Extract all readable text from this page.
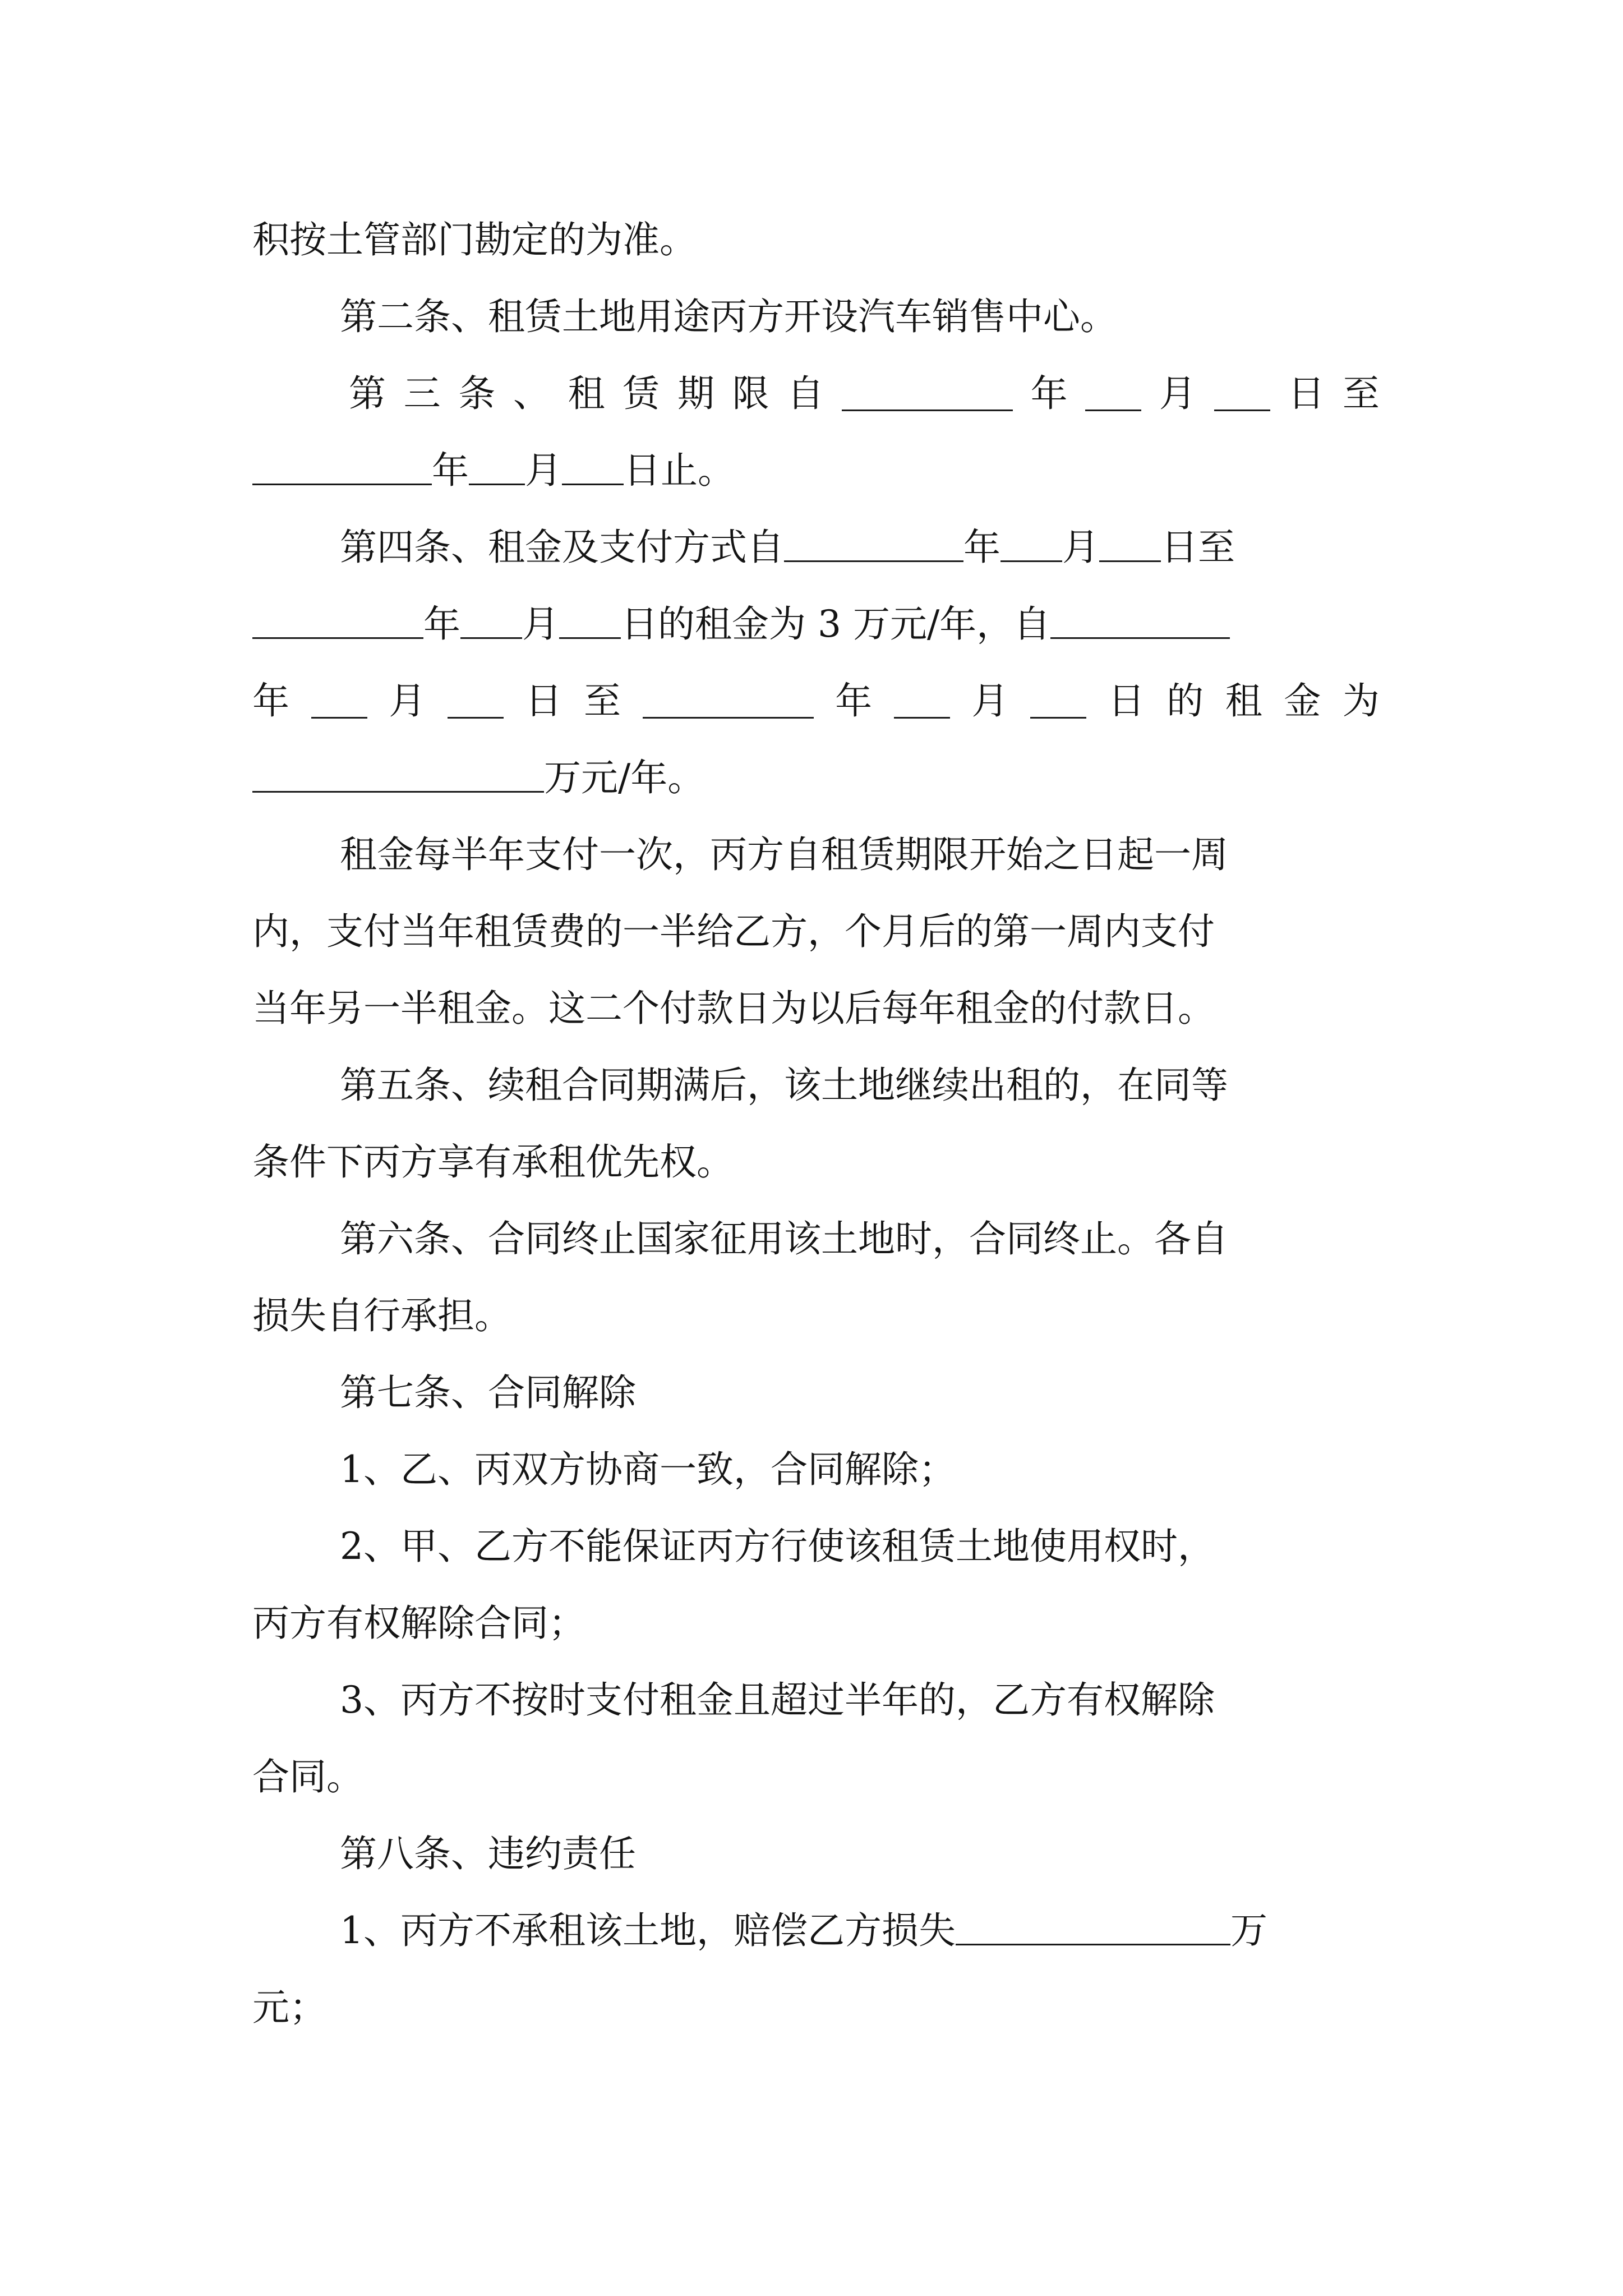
积按土管部门勘定的为准。
第二条、租赁土地用途丙方开设汽车销售中心。
第 三 条 、 租 赁 期 限 自	年 月 日 至
年 月 日止。
第四条、租金及支付方式自	年 月 日至
年 月 日的租金为 3 万元/年，自
年	月	日 至	年	月	日 的 租 金 为
万元/年。
租金每半年支付一次，丙方自租赁期限开始之日起一周
内，支付当年租赁费的一半给乙方，个月后的第一周内支付
当年另一半租金。这二个付款日为以后每年租金的付款日。
第五条、续租合同期满后，该土地继续出租的，在同等
条件下丙方享有承租优先权。
第六条、合同终止国家征用该土地时，合同终止。各自
损失自行承担。
第七条、合同解除
1、乙、丙双方协商一致，合同解除；
2、甲、乙方不能保证丙方行使该租赁土地使用权时，
丙方有权解除合同；
3、丙方不按时支付租金且超过半年的，乙方有权解除
合同。
第八条、违约责任
1、丙方不承租该土地，赔偿乙方损失	万
元；
